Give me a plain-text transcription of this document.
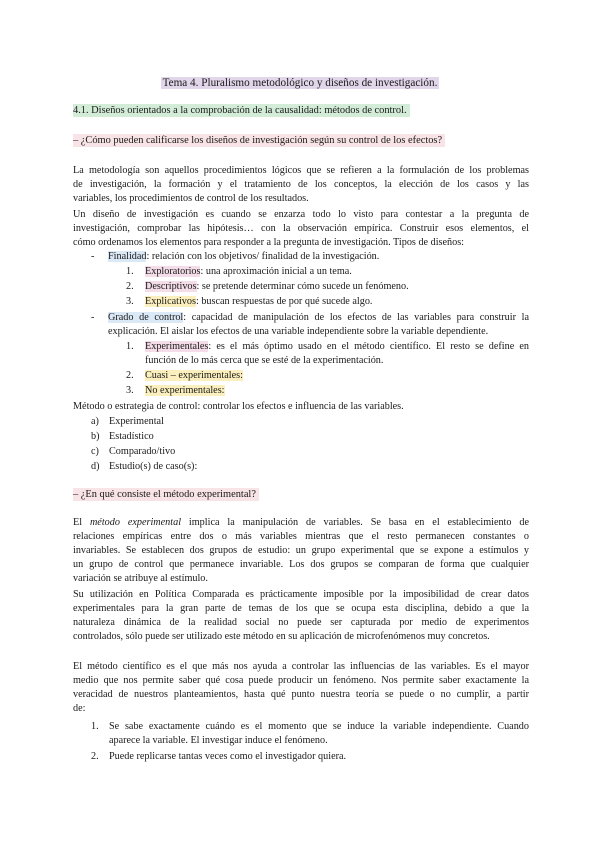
Tema 4. Pluralismo metodológico y diseños de investigación.
4.1. Diseños orientados a la comprobación de la causalidad: métodos de control.
– ¿Cómo pueden calificarse los diseños de investigación según su control de los efectos?
La metodología son aquellos procedimientos lógicos que se refieren a la formulación de los problemas
de investigación, la formación y el tratamiento de los conceptos, la elección de los casos y las
variables, los procedimientos de control de los resultados.
Un diseño de investigación es cuando se enzarza todo lo visto para contestar a la pregunta de
investigación, comprobar las hipótesis… con la observación empírica. Construir esos elementos, el
cómo ordenamos los elementos para responder a la pregunta de investigación. Tipos de diseños:
- Finalidad: relación con los objetivos/ finalidad de la investigación.
1. Exploratorios: una aproximación inicial a un tema.
2. Descriptivos: se pretende determinar cómo sucede un fenómeno.
3. Explicativos: buscan respuestas de por qué sucede algo.
- Grado de control: capacidad de manipulación de los efectos de las variables para construir la
explicación. El aislar los efectos de una variable independiente sobre la variable dependiente.
1. Experimentales: es el más óptimo usado en el método científico. El resto se define en
función de lo más cerca que se esté de la experimentación.
2. Cuasi – experimentales:
3. No experimentales:
Método o estrategia de control: controlar los efectos e influencia de las variables.
a) Experimental
b) Estadístico
c) Comparado/tivo
d) Estudio(s) de caso(s):
– ¿En qué consiste el método experimental?
El método experimental implica la manipulación de variables. Se basa en el establecimiento de
relaciones empíricas entre dos o más variables mientras que el resto permanecen constantes o
invariables. Se establecen dos grupos de estudio: un grupo experimental que se expone a estímulos y
un grupo de control que permanece invariable. Los dos grupos se comparan de forma que cualquier
variación se atribuye al estímulo.
Su utilización en Política Comparada es prácticamente imposible por la imposibilidad de crear datos
experimentales para la gran parte de temas de los que se ocupa esta disciplina, debido a que la
naturaleza dinámica de la realidad social no puede ser capturada por medio de experimentos
controlados, sólo puede ser utilizado este método en su aplicación de microfenómenos muy concretos.
El método científico es el que más nos ayuda a controlar las influencias de las variables. Es el mayor
medio que nos permite saber qué cosa puede producir un fenómeno. Nos permite saber exactamente la
veracidad de nuestros planteamientos, hasta qué punto nuestra teoría se puede o no cumplir, a partir
de:
1. Se sabe exactamente cuándo es el momento que se induce la variable independiente. Cuando
aparece la variable. El investigar induce el fenómeno.
2. Puede replicarse tantas veces como el investigador quiera.
